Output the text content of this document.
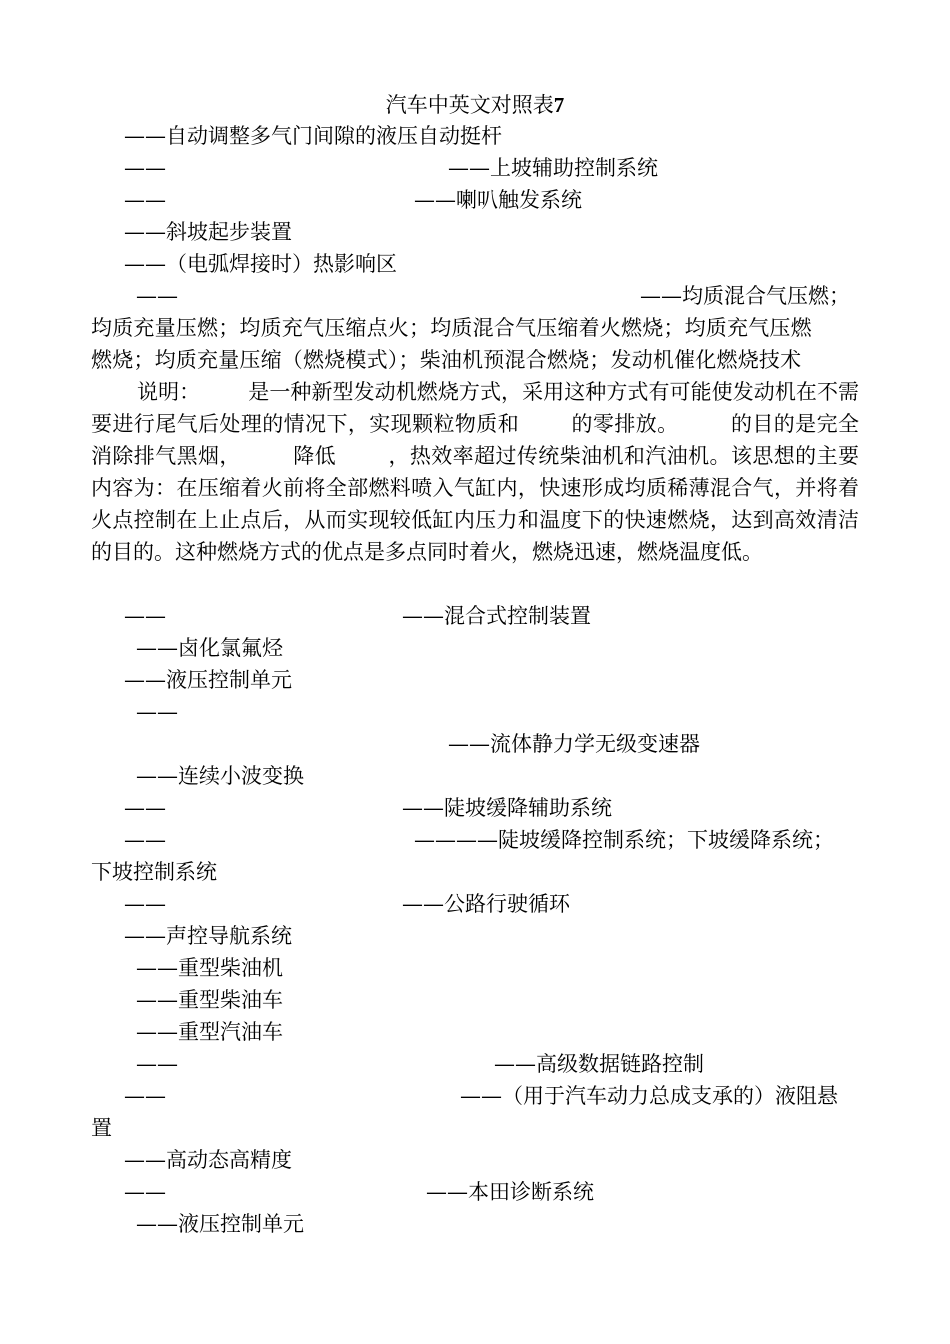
汽车中英文对照表7
——自动调整多气门间隙的液压自动挺杆
——	——上坡辅助控制系统
——	——喇叭触发系统
——斜坡起步装置
——（电弧焊接时）热影响区
——	——均质混合气压燃；
均质充量压燃；均质充气压缩点火；均质混合气压缩着火燃烧；均质充气压燃
燃烧；均质充量压缩（燃烧模式）；柴油机预混合燃烧；发动机催化燃烧技术
说明： 是一种新型发动机燃烧方式，采用这种方式有可能使发动机在不需要进行尾气后处理的情况下，实现颗粒物质和 的零排放。 的目的是完全消除排气黑烟， 降低 ，热效率超过传统柴油机和汽油机。该思想的主要内容为：在压缩着火前将全部燃料喷入气缸内，快速形成均质稀薄混合气，并将着火点控制在上止点后，从而实现较低缸内压力和温度下的快速燃烧，达到高效清洁的目的。这种燃烧方式的优点是多点同时着火，燃烧迅速，燃烧温度低。
——	——混合式控制装置
——卤化氯氟烃
——液压控制单元
——
——流体静力学无级变速器
——连续小波变换
——	——陡坡缓降辅助系统
——	————陡坡缓降控制系统；下坡缓降系统；
下坡控制系统
——	——公路行驶循环
——声控导航系统
——重型柴油机
——重型柴油车
——重型汽油车
——	——高级数据链路控制
——	——（用于汽车动力总成支承的）液阻悬
置
——高动态高精度
——	——本田诊断系统
——液压控制单元
